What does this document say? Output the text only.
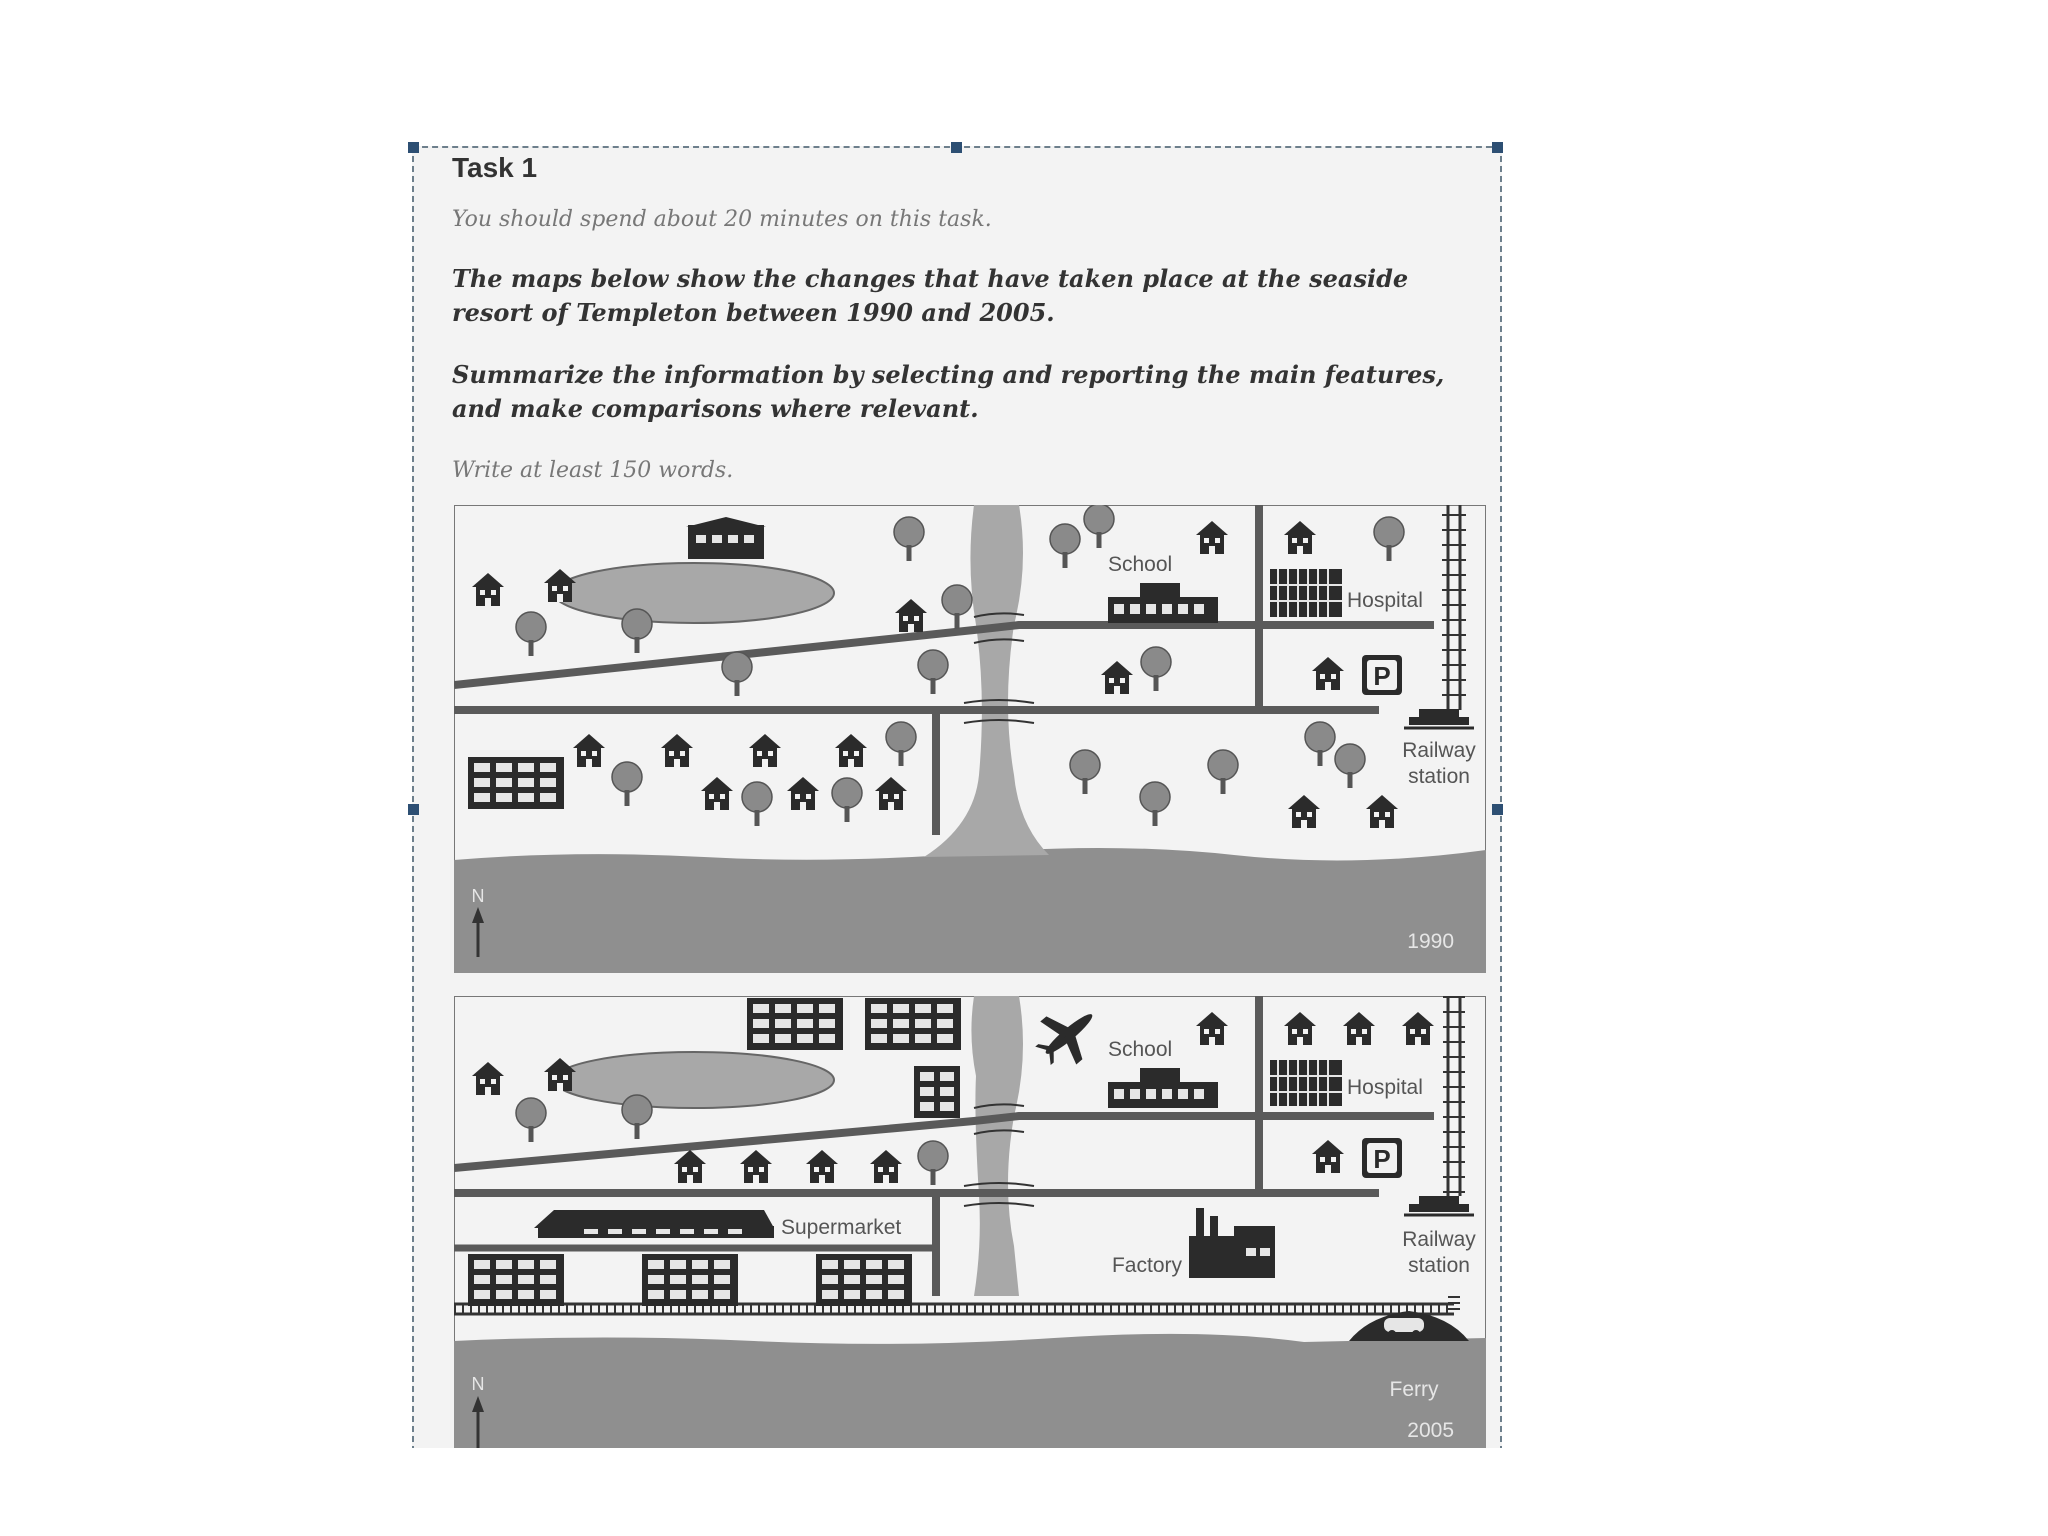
Task 1
You should spend about 20 minutes on this task.
The maps below show the changes that have taken place at the seaside resort of Templeton between 1990 and 2005.
Summarize the information by selecting and reporting the main features, and make comparisons where relevant.
Write at least 150 words.
P
School
Hospital
Railway
station
1990
N
P
School
Hospital
Supermarket
Factory
Railway
station
Ferry
2005
N
